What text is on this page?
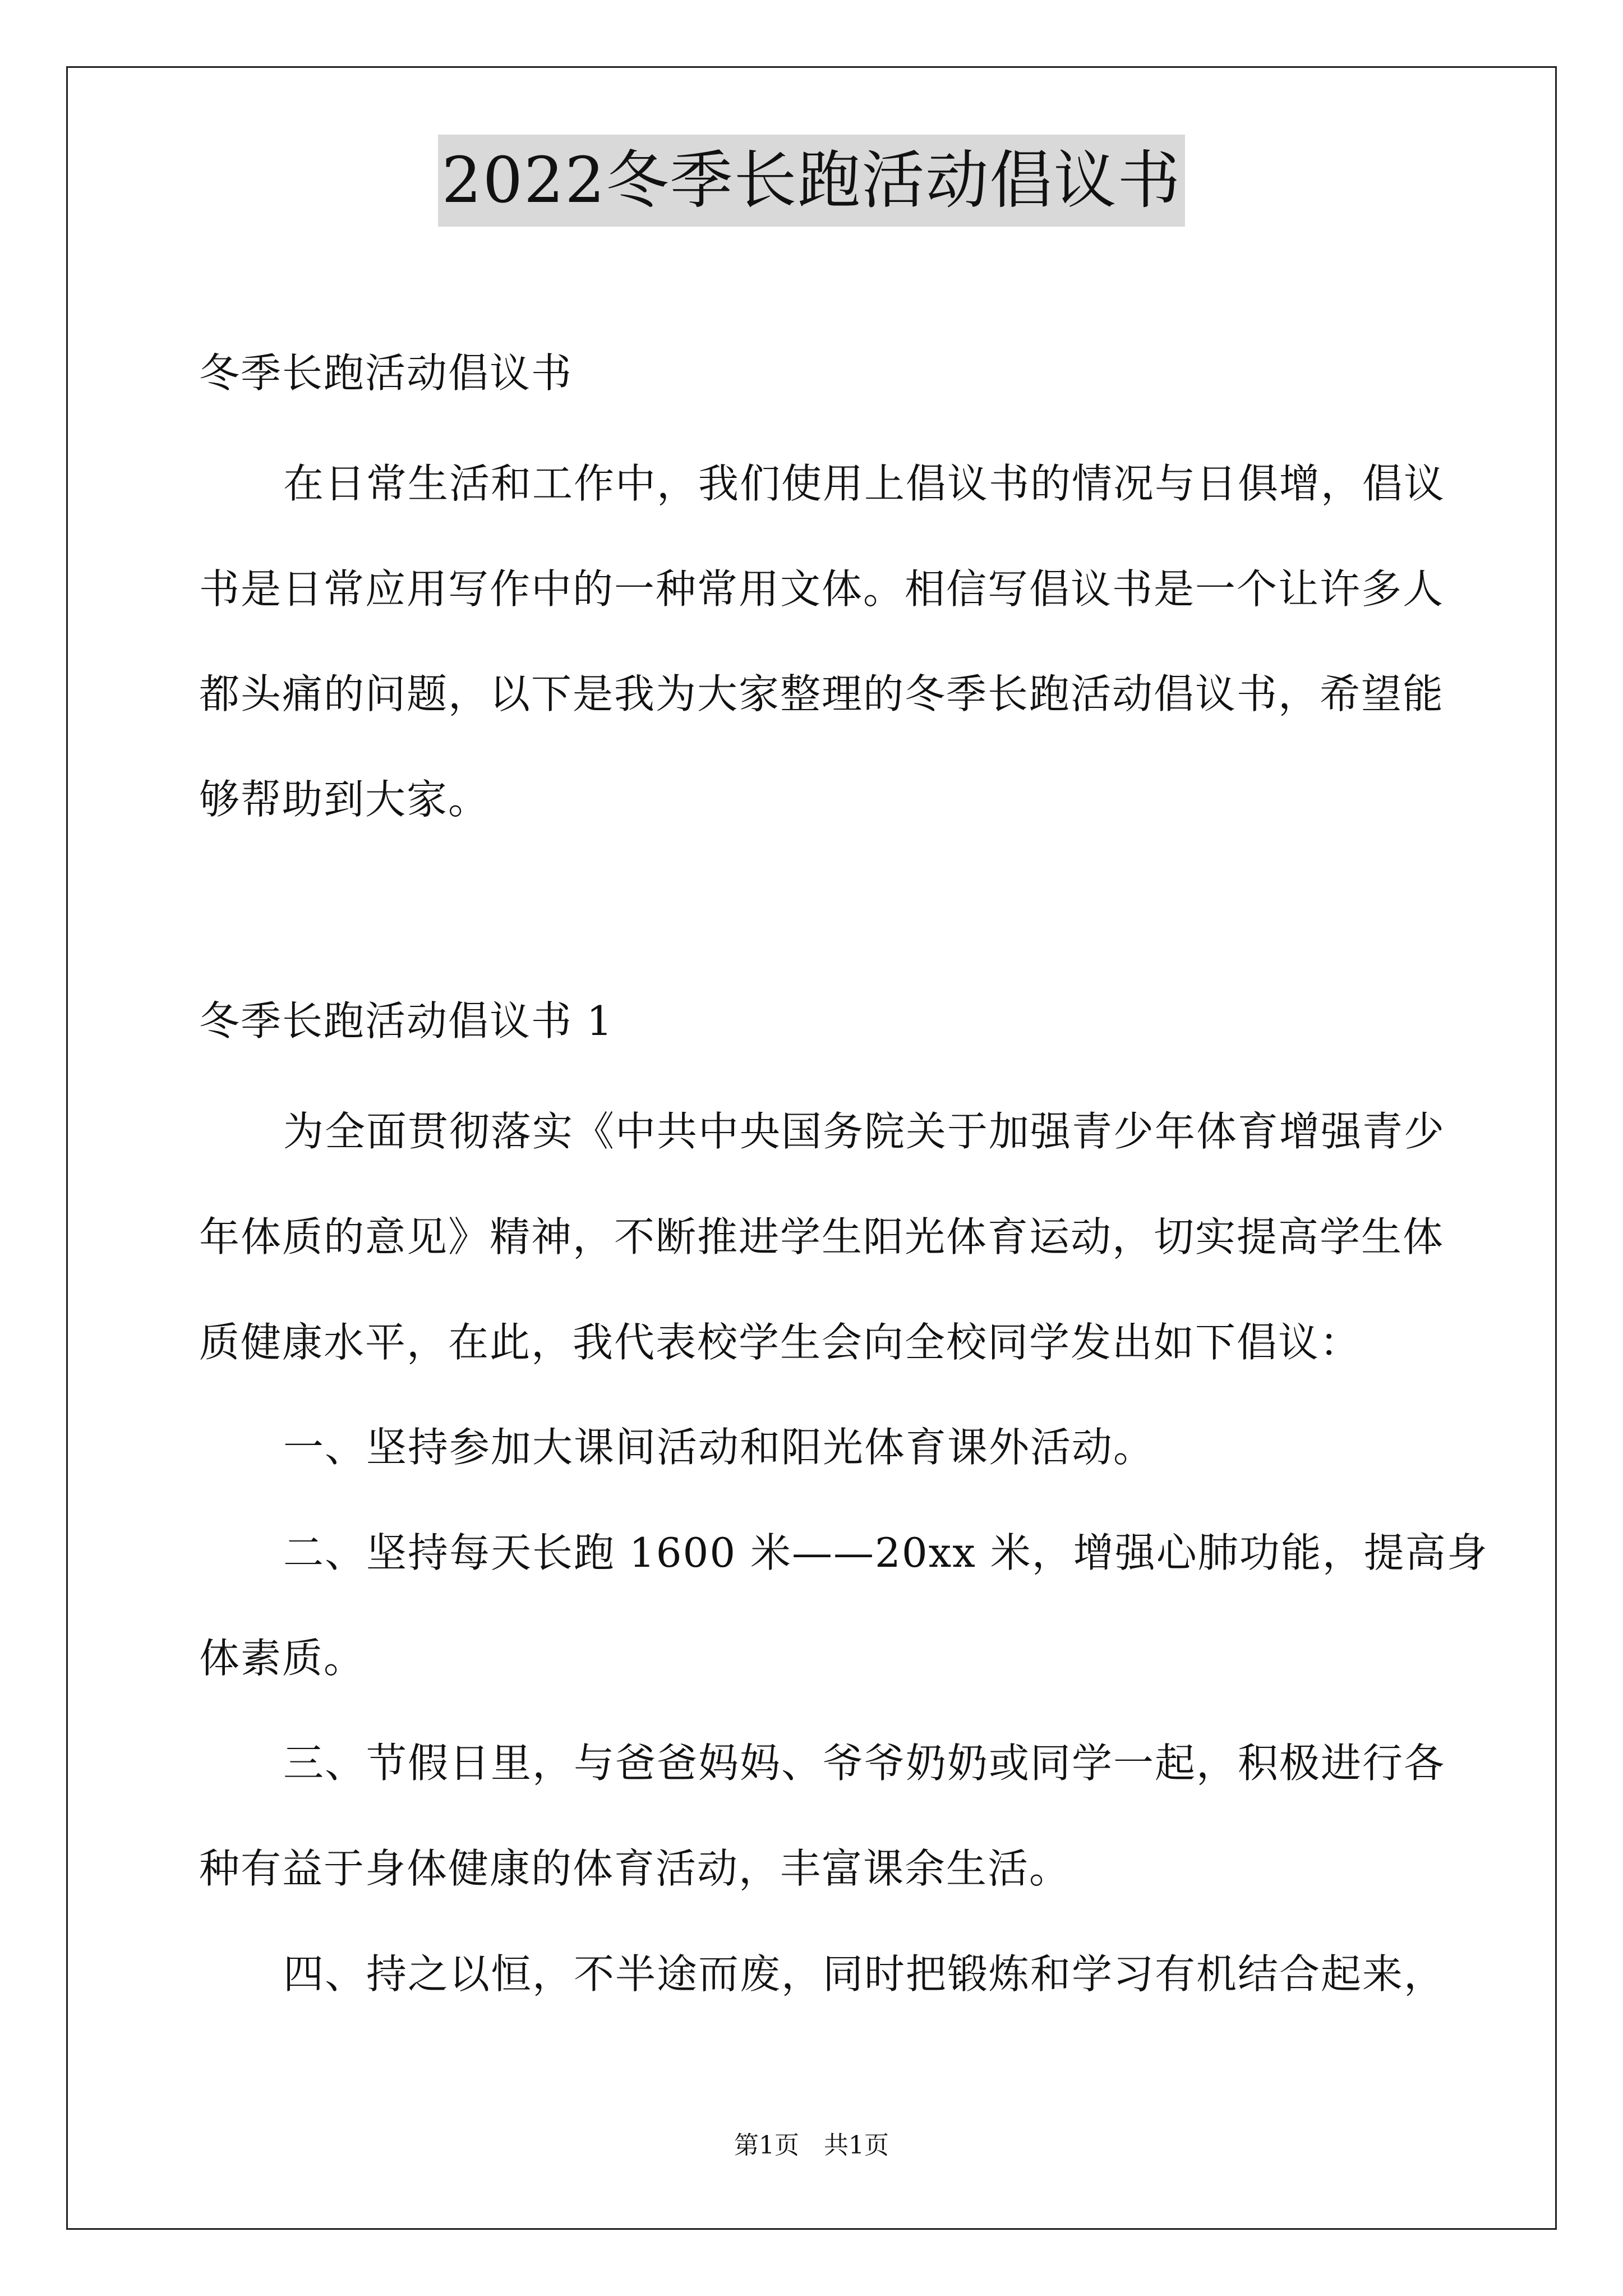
2022冬季长跑活动倡议书
冬季长跑活动倡议书
在日常生活和工作中，我们使用上倡议书的情况与日俱增，倡议
书是日常应用写作中的一种常用文体。相信写倡议书是一个让许多人
都头痛的问题，以下是我为大家整理的冬季长跑活动倡议书，希望能
够帮助到大家。
冬季长跑活动倡议书 1
为全面贯彻落实《中共中央国务院关于加强青少年体育增强青少
年体质的意见》精神，不断推进学生阳光体育运动，切实提高学生体
质健康水平，在此，我代表校学生会向全校同学发出如下倡议：
一、坚持参加大课间活动和阳光体育课外活动。
二、坚持每天长跑 1600 米——20xx 米，增强心肺功能，提高身
体素质。
三、节假日里，与爸爸妈妈、爷爷奶奶或同学一起，积极进行各
种有益于身体健康的体育活动，丰富课余生活。
四、持之以恒，不半途而废，同时把锻炼和学习有机结合起来，
第1页　共1页
